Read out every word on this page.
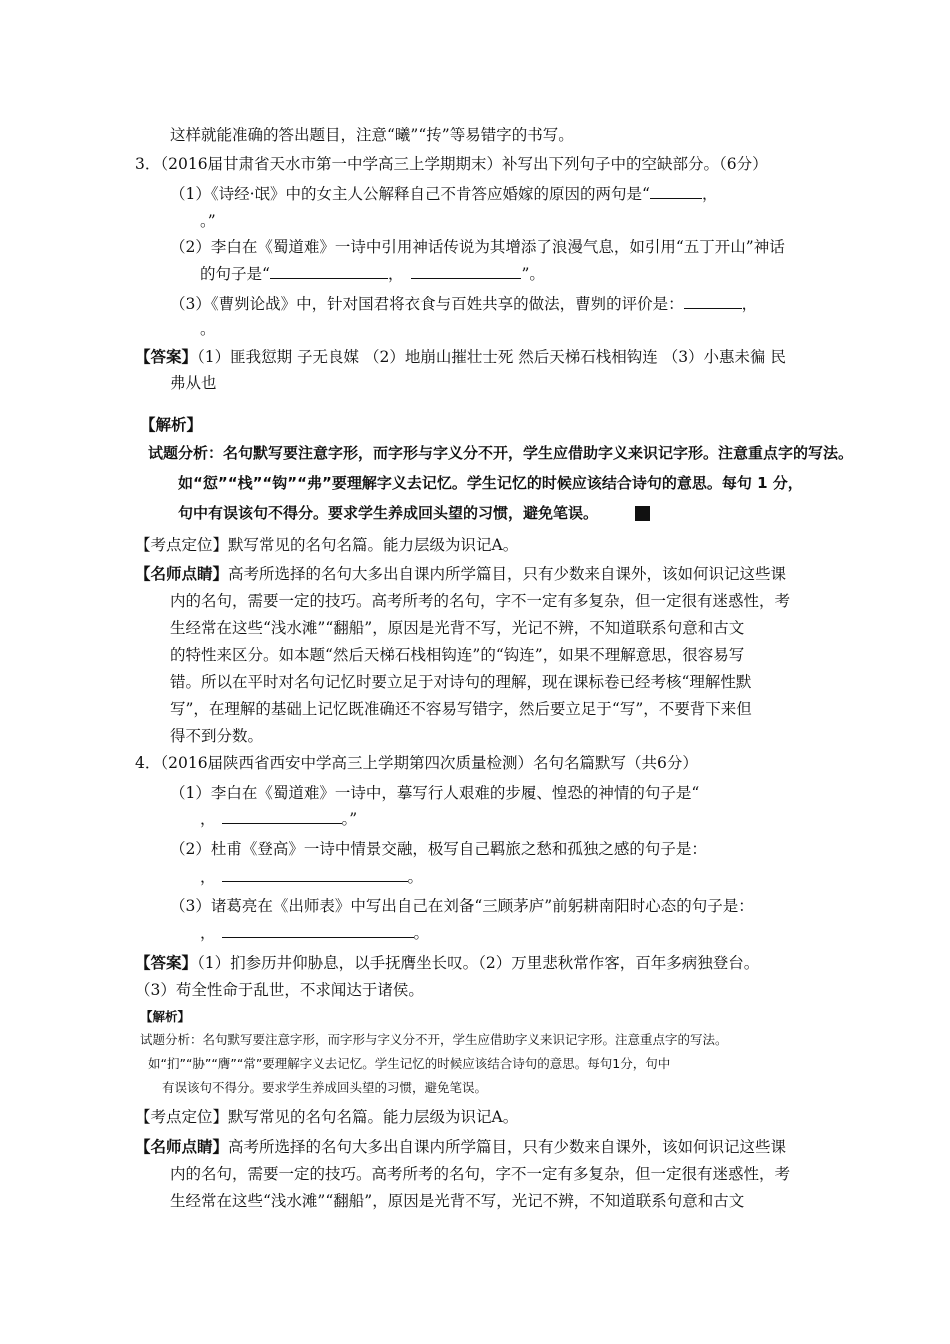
这样就能准确的答出题目，注意“曦”“抟”等易错字的书写。
3．（2016届甘肃省天水市第一中学高三上学期期末）补写出下列句子中的空缺部分。（6分）
（1）《诗经·氓》中的女主人公解释自己不肯答应婚嫁的原因的两句是“	，
。”
（2）李白在《蜀道难》一诗中引用神话传说为其增添了浪漫气息，如引用“五丁开山”神话
的句子是“	，	”。
（3）《曹刿论战》中，针对国君将衣食与百姓共享的做法，曹刿的评价是：	，
。
【答案】（1）匪我愆期 子无良媒 （2）地崩山摧壮士死 然后天梯石栈相钩连 （3）小惠未徧 民
弗从也
【解析】
试题分析：名句默写要注意字形，而字形与字义分不开，学生应借助字义来识记字形。注意重点字的写法。
如“愆”“栈”“钩”“弗”要理解字义去记忆。学生记忆的时候应该结合诗句的意思。每句 1 分，
句中有误该句不得分。要求学生养成回头望的习惯，避免笔误。
【考点定位】默写常见的名句名篇。能力层级为识记A。
【名师点睛】高考所选择的名句大多出自课内所学篇目，只有少数来自课外，该如何识记这些课
内的名句，需要一定的技巧。高考所考的名句，字不一定有多复杂，但一定很有迷惑性，考
生经常在这些“浅水滩”“翻船”，原因是光背不写，光记不辨，不知道联系句意和古文
的特性来区分。如本题“然后天梯石栈相钩连”的“钩连”，如果不理解意思，很容易写
错。所以在平时对名句记忆时要立足于对诗句的理解，现在课标卷已经考核“理解性默
写”，在理解的基础上记忆既准确还不容易写错字，然后要立足于“写”，不要背下来但
得不到分数。
4．（2016届陕西省西安中学高三上学期第四次质量检测）名句名篇默写（共6分）
（1）李白在《蜀道难》一诗中，摹写行人艰难的步履、惶恐的神情的句子是“
，	。”
（2）杜甫《登高》一诗中情景交融，极写自己羁旅之愁和孤独之感的句子是：
，	。
（3）诸葛亮在《出师表》中写出自己在刘备“三顾茅庐”前躬耕南阳时心态的句子是：
，	。
【答案】（1）扪参历井仰胁息，以手抚膺坐长叹。（2）万里悲秋常作客，百年多病独登台。
（3）苟全性命于乱世，不求闻达于诸侯。
【解析】
试题分析：名句默写要注意字形，而字形与字义分不开，学生应借助字义来识记字形。注意重点字的写法。
如“扪”“胁”“膺”“常”要理解字义去记忆。学生记忆的时候应该结合诗句的意思。每句1分，句中
有误该句不得分。要求学生养成回头望的习惯，避免笔误。
【考点定位】默写常见的名句名篇。能力层级为识记A。
【名师点睛】高考所选择的名句大多出自课内所学篇目，只有少数来自课外，该如何识记这些课
内的名句，需要一定的技巧。高考所考的名句，字不一定有多复杂，但一定很有迷惑性，考
生经常在这些“浅水滩”“翻船”，原因是光背不写，光记不辨，不知道联系句意和古文
